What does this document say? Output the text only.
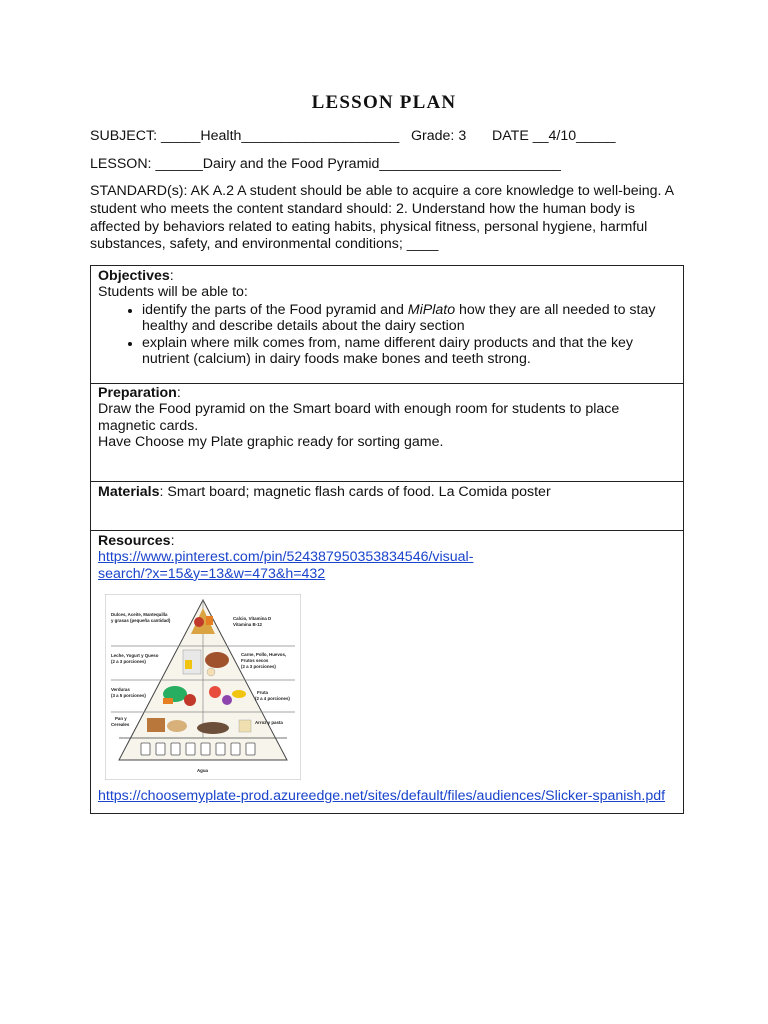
LESSON PLAN
SUBJECT: _____Health____________________ Grade: 3 DATE __4/10_____
LESSON: ______Dairy and the Food Pyramid_______________________
STANDARD(s): AK A.2 A student should be able to acquire a core knowledge to well-being. A student who meets the content standard should: 2. Understand how the human body is affected by behaviors related to eating habits, physical fitness, personal hygiene, harmful substances, safety, and environmental conditions; ____
Objectives:
Students will be able to:
• identify the parts of the Food pyramid and MiPlato how they are all needed to stay healthy and describe details about the dairy section
• explain where milk comes from, name different dairy products and that the key nutrient (calcium) in dairy foods make bones and teeth strong.
Preparation:
Draw the Food pyramid on the Smart board with enough room for students to place magnetic cards.
Have Choose my Plate graphic ready for sorting game.
Materials: Smart board; magnetic flash cards of food. La Comida poster
Resources:
https://www.pinterest.com/pin/524387950353834546/visual-
search/?x=15&y=13&w=473&h=432
Dulces, Aceite, Mantequilla
y grasas (pequeña cantidad)	Calcio, Vitamina D
Vitamina B-12
Leche, Yogurt y Queso
(2 a 3 porciones)
Carne, Pollo, Huevos,
Frutos secos
(2 a 3 porciones)
Verduras
(3 a 5 porciones)
Fruta
(2 a 4 porciones)
Pan y
Cereales	Arroz y pasta
Agua
https://choosemyplate-prod.azureedge.net/sites/default/files/audiences/Slicker-spanish.pdf
